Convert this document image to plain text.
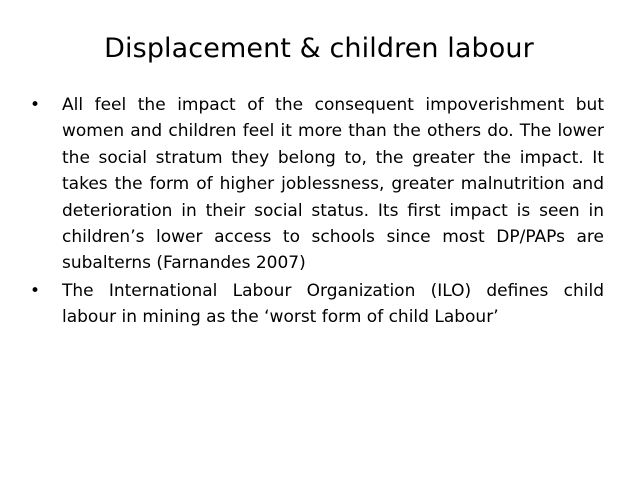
Displacement & children labour
•	All feel the impact of the consequent impoverishment but women and children feel it more than the others do. The lower the social stratum they belong to, the greater the impact. It takes the form of higher joblessness, greater malnutrition and deterioration in their social status. Its first impact is seen in children’s lower access to schools since most DP/PAPs are subalterns (Farnandes 2007)
•	The International Labour Organization (ILO) defines child labour in mining as the ‘worst form of child Labour’
